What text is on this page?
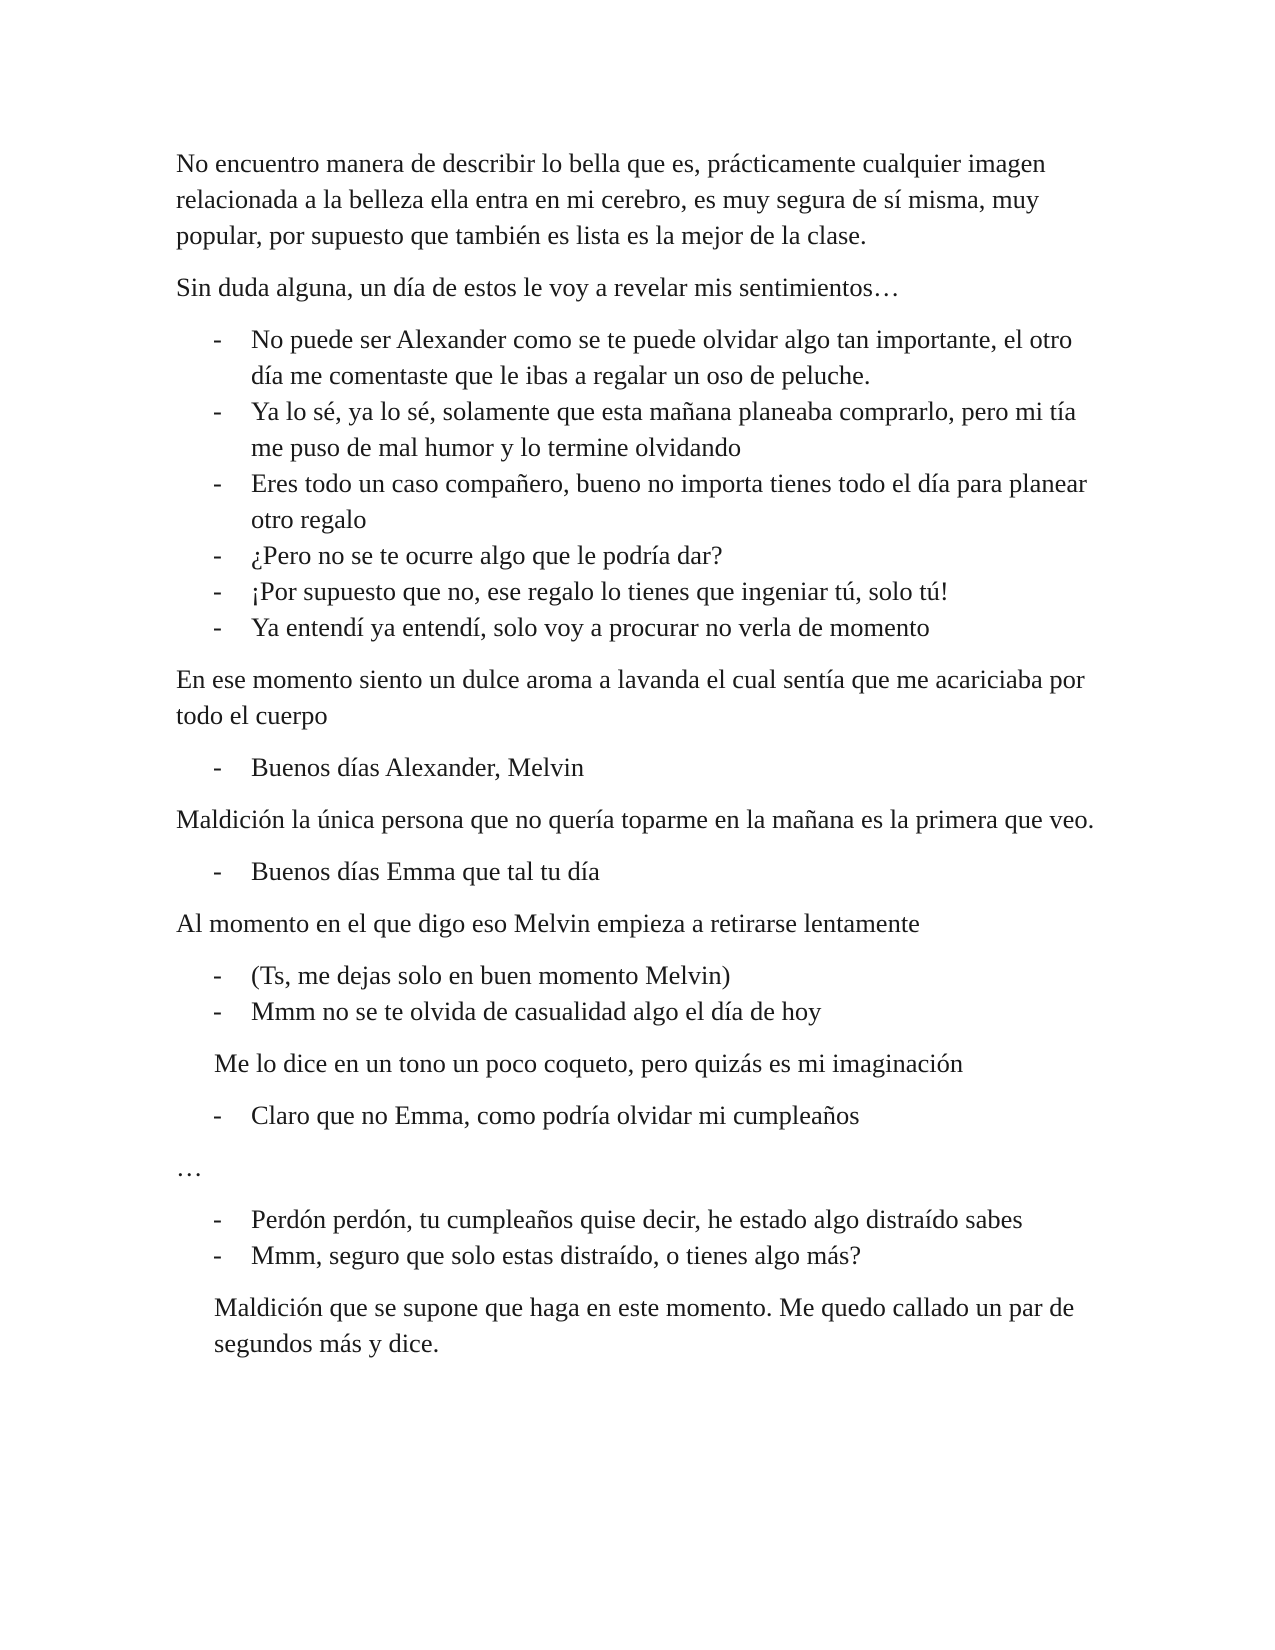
No encuentro manera de describir lo bella que es, prácticamente cualquier imagen relacionada a la belleza ella entra en mi cerebro, es muy segura de sí misma, muy popular, por supuesto que también es lista es la mejor de la clase.

Sin duda alguna, un día de estos le voy a revelar mis sentimientos…

- No puede ser Alexander como se te puede olvidar algo tan importante, el otro día me comentaste que le ibas a regalar un oso de peluche.
- Ya lo sé, ya lo sé, solamente que esta mañana planeaba comprarlo, pero mi tía me puso de mal humor y lo termine olvidando
- Eres todo un caso compañero, bueno no importa tienes todo el día para planear otro regalo
- ¿Pero no se te ocurre algo que le podría dar?
- ¡Por supuesto que no, ese regalo lo tienes que ingeniar tú, solo tú!
- Ya entendí ya entendí, solo voy a procurar no verla de momento

En ese momento siento un dulce aroma a lavanda el cual sentía que me acariciaba por todo el cuerpo

- Buenos días Alexander, Melvin

Maldición la única persona que no quería toparme en la mañana es la primera que veo.

- Buenos días Emma que tal tu día

Al momento en el que digo eso Melvin empieza a retirarse lentamente

- (Ts, me dejas solo en buen momento Melvin)
- Mmm no se te olvida de casualidad algo el día de hoy

Me lo dice en un tono un poco coqueto, pero quizás es mi imaginación

- Claro que no Emma, como podría olvidar mi cumpleaños

…

- Perdón perdón, tu cumpleaños quise decir, he estado algo distraído sabes
- Mmm, seguro que solo estas distraído, o tienes algo más?

Maldición que se supone que haga en este momento. Me quedo callado un par de segundos más y dice.
